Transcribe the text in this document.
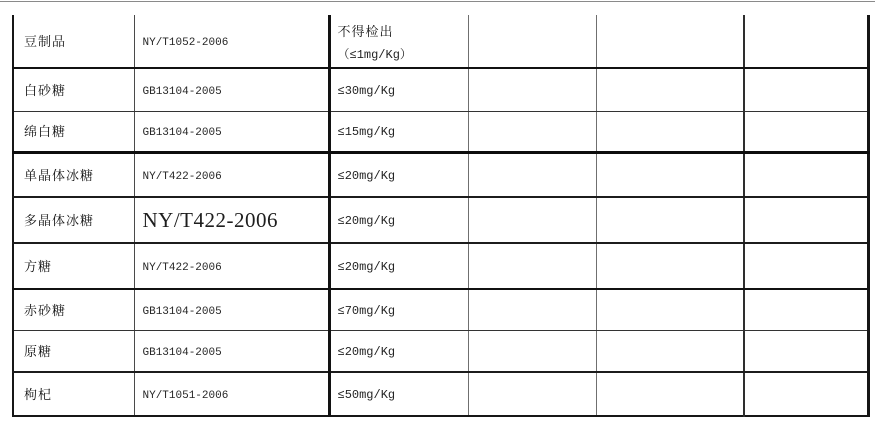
豆制品	NY/T1052-2006	不得检出
（≤1mg/Kg）			

白砂糖	GB13104-2005	≤30mg/Kg			
绵白糖	GB13104-2005	≤15mg/Kg			
单晶体冰糖	NY/T422-2006	≤20mg/Kg			
多晶体冰糖	NY/T422-2006	≤20mg/Kg			
方糖	NY/T422-2006	≤20mg/Kg			
赤砂糖	GB13104-2005	≤70mg/Kg			
原糖	GB13104-2005	≤20mg/Kg			
枸杞	NY/T1051-2006	≤50mg/Kg			
